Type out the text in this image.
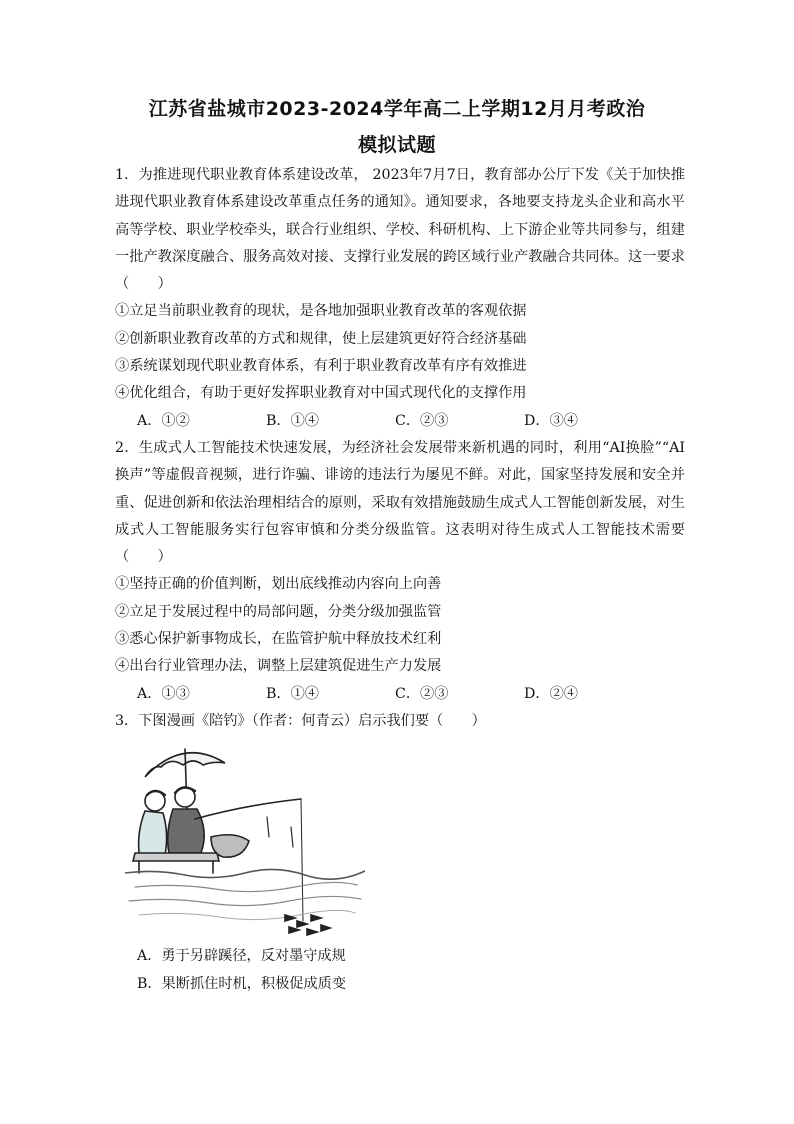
江苏省盐城市2023-2024学年高二上学期12月月考政治
模拟试题

1．为推进现代职业教育体系建设改革， 2023年7月7日，教育部办公厅下发《关于加快推进现代职业教育体系建设改革重点任务的通知》。通知要求，各地要支持龙头企业和高水平高等学校、职业学校牵头，联合行业组织、学校、科研机构、上下游企业等共同参与，组建一批产教深度融合、服务高效对接、支撑行业发展的跨区域行业产教融合共同体。这一要求（　　）

①立足当前职业教育的现状，是各地加强职业教育改革的客观依据

②创新职业教育改革的方式和规律，使上层建筑更好符合经济基础

③系统谋划现代职业教育体系，有利于职业教育改革有序有效推进

④优化组合，有助于更好发挥职业教育对中国式现代化的支撑作用

A．①②	B．①④	C．②③	D．③④

2．生成式人工智能技术快速发展，为经济社会发展带来新机遇的同时，利用“AI换脸”“AI换声”等虚假音视频，进行诈骗、诽谤的违法行为屡见不鲜。对此，国家坚持发展和安全并重、促进创新和依法治理相结合的原则，采取有效措施鼓励生成式人工智能创新发展，对生成式人工智能服务实行包容审慎和分类分级监管。这表明对待生成式人工智能技术需要（　　）

①坚持正确的价值判断，划出底线推动内容向上向善

②立足于发展过程中的局部问题，分类分级加强监管

③悉心保护新事物成长，在监管护航中释放技术红利

④出台行业管理办法，调整上层建筑促进生产力发展

A．①③	B．①④	C．②③	D．②④

3．下图漫画《陪钓》（作者：何青云）启示我们要（　　）

A．勇于另辟蹊径，反对墨守成规

B．果断抓住时机，积极促成质变
